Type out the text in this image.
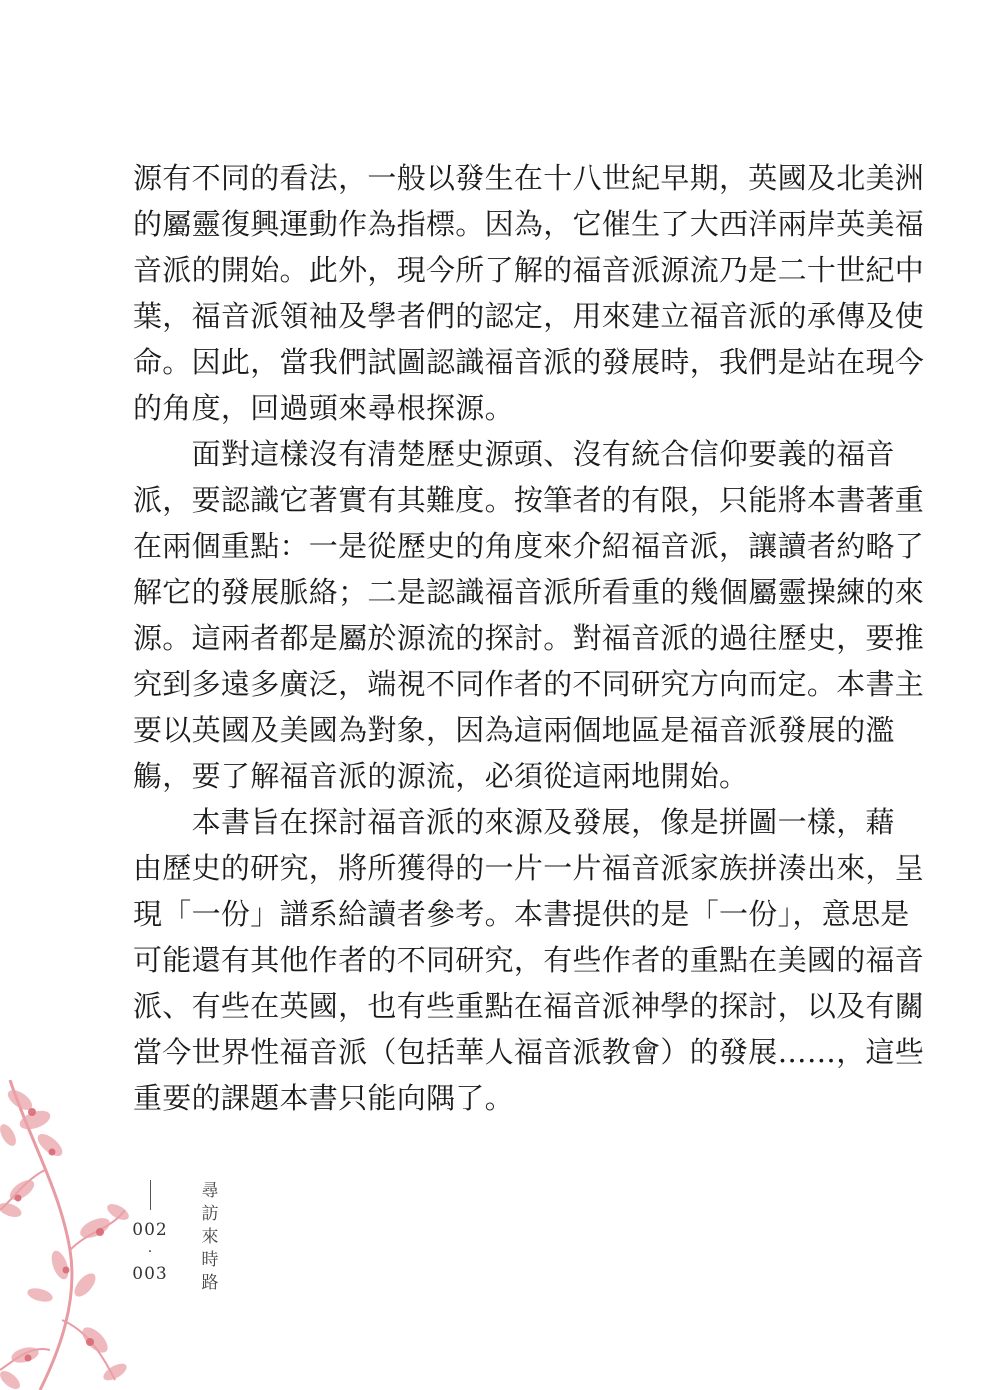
源有不同的看法，一般以發生在十八世紀早期，英國及北美洲
的屬靈復興運動作為指標。因為，它催生了大西洋兩岸英美福
音派的開始。此外，現今所了解的福音派源流乃是二十世紀中
葉，福音派領袖及學者們的認定，用來建立福音派的承傳及使
命。因此，當我們試圖認識福音派的發展時，我們是站在現今
的角度，回過頭來尋根探源。
　　面對這樣沒有清楚歷史源頭、沒有統合信仰要義的福音
派，要認識它著實有其難度。按筆者的有限，只能將本書著重
在兩個重點：一是從歷史的角度來介紹福音派，讓讀者約略了
解它的發展脈絡；二是認識福音派所看重的幾個屬靈操練的來
源。這兩者都是屬於源流的探討。對福音派的過往歷史，要推
究到多遠多廣泛，端視不同作者的不同研究方向而定。本書主
要以英國及美國為對象，因為這兩個地區是福音派發展的濫
觴，要了解福音派的源流，必須從這兩地開始。
　　本書旨在探討福音派的來源及發展，像是拼圖一樣，藉
由歷史的研究，將所獲得的一片一片福音派家族拼湊出來，呈
現「一份」譜系給讀者參考。本書提供的是「一份」，意思是
可能還有其他作者的不同研究，有些作者的重點在美國的福音
派、有些在英國，也有些重點在福音派神學的探討，以及有關
當今世界性福音派（包括華人福音派教會）的發展……，這些
重要的課題本書只能向隅了。
002
·
003
尋訪來時路
